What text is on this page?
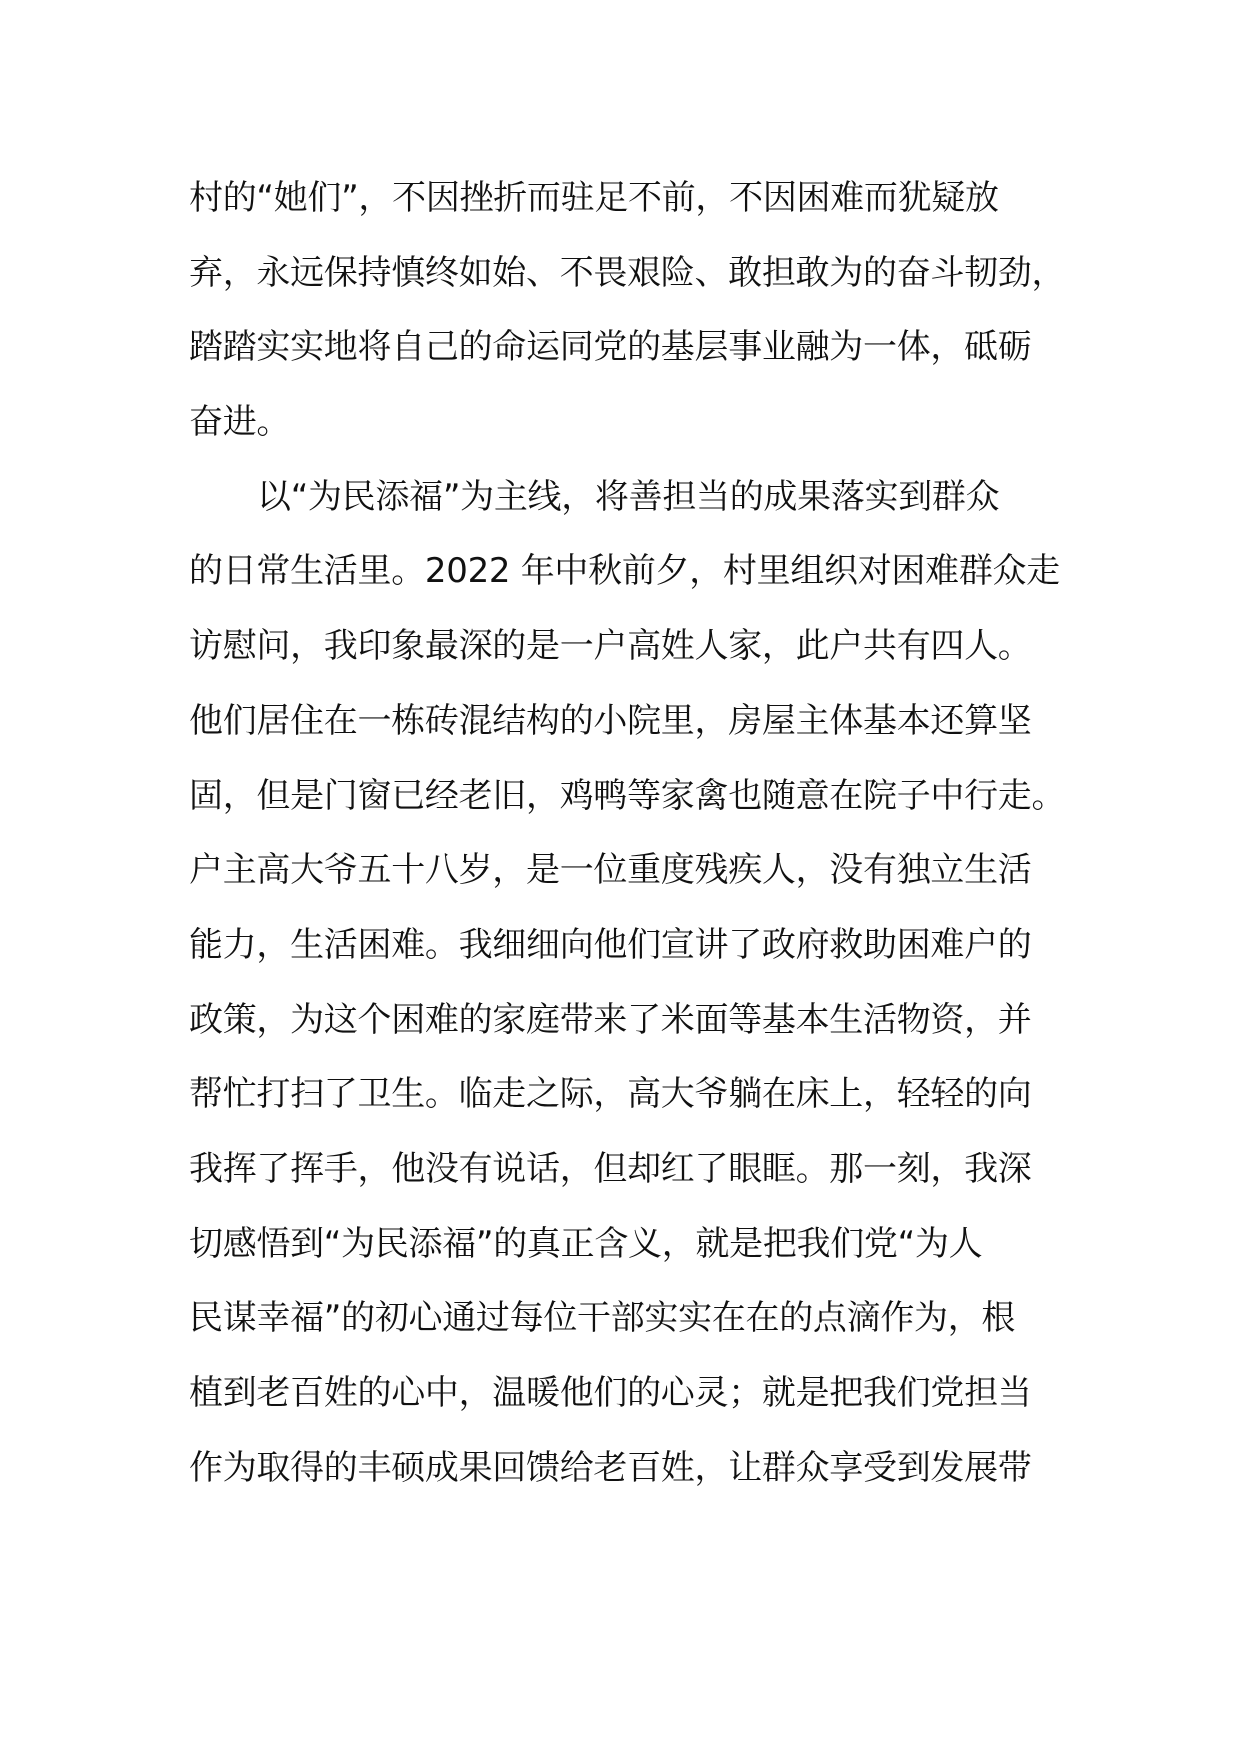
村的“她们”，不因挫折而驻足不前，不因困难而犹疑放
弃，永远保持慎终如始、不畏艰险、敢担敢为的奋斗韧劲，
踏踏实实地将自己的命运同党的基层事业融为一体，砥砺
奋进。
以“为民添福”为主线，将善担当的成果落实到群众
的日常生活里。2022 年中秋前夕，村里组织对困难群众走
访慰问，我印象最深的是一户高姓人家，此户共有四人。
他们居住在一栋砖混结构的小院里，房屋主体基本还算坚
固，但是门窗已经老旧，鸡鸭等家禽也随意在院子中行走。
户主高大爷五十八岁，是一位重度残疾人，没有独立生活
能力，生活困难。我细细向他们宣讲了政府救助困难户的
政策，为这个困难的家庭带来了米面等基本生活物资，并
帮忙打扫了卫生。临走之际，高大爷躺在床上，轻轻的向
我挥了挥手，他没有说话，但却红了眼眶。那一刻，我深
切感悟到“为民添福”的真正含义，就是把我们党“为人
民谋幸福”的初心通过每位干部实实在在的点滴作为，根
植到老百姓的心中，温暖他们的心灵；就是把我们党担当
作为取得的丰硕成果回馈给老百姓，让群众享受到发展带
